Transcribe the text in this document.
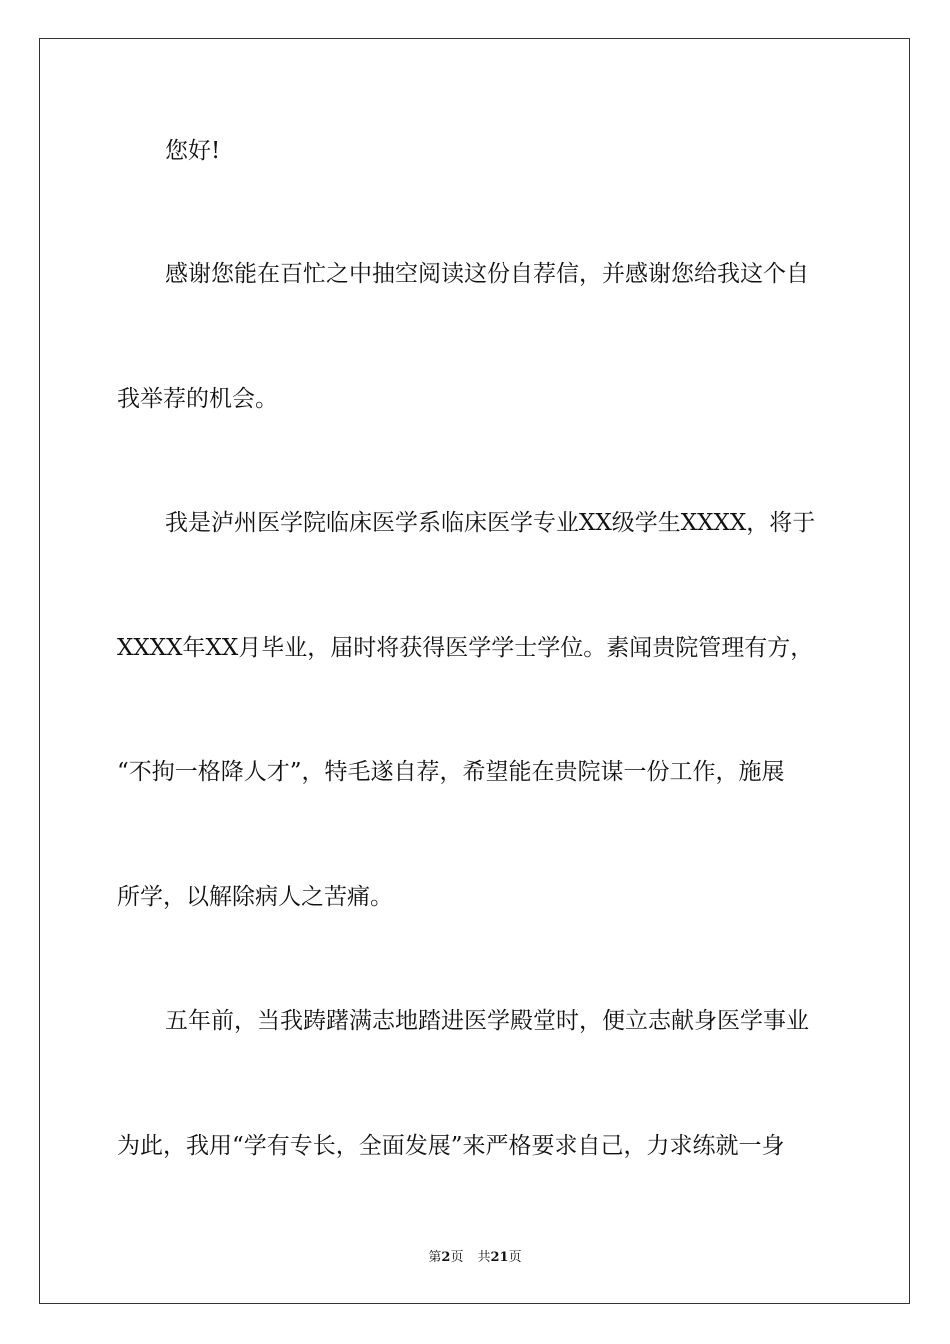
您好!
感谢您能在百忙之中抽空阅读这份自荐信，并感谢您给我这个自
我举荐的机会。
我是泸州医学院临床医学系临床医学专业XX级学生XXXX，将于
XXXX年XX月毕业，届时将获得医学学士学位。素闻贵院管理有方，
“不拘一格降人才”，特毛遂自荐，希望能在贵院谋一份工作，施展
所学，以解除病人之苦痛。
五年前，当我踌躇满志地踏进医学殿堂时，便立志献身医学事业
为此，我用“学有专长，全面发展”来严格要求自己，力求练就一身
第2页 共21页
